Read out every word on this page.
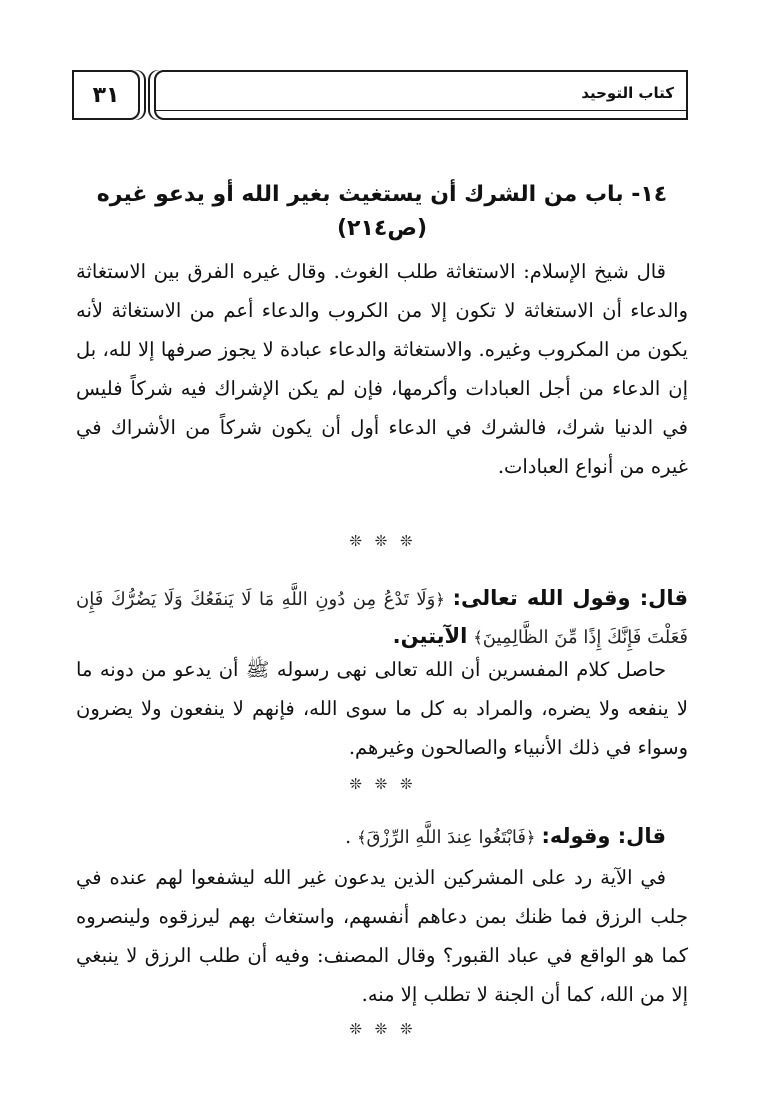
٣١	كتاب التوحيد
١٤- باب من الشرك أن يستغيث بغير الله أو يدعو غيره
(ص٢١٤)

قال شيخ الإسلام: الاستغاثة طلب الغوث. وقال غيره الفرق بين الاستغاثة والدعاء أن الاستغاثة لا تكون إلا من الكروب والدعاء أعم من الاستغاثة لأنه يكون من المكروب وغيره. والاستغاثة والدعاء عبادة لا يجوز صرفها إلا لله، بل إن الدعاء من أجل العبادات وأكرمها، فإن لم يكن الإشراك فيه شركاً فليس في الدنيا شرك، فالشرك في الدعاء أول أن يكون شركاً من الأشراك في غيره من أنواع العبادات.

❊ ❊ ❊

قال: وقول الله تعالى: ﴿وَلَا تَدْعُ مِن دُونِ اللَّهِ مَا لَا يَنفَعُكَ وَلَا يَضُرُّكَ فَإِن فَعَلْتَ فَإِنَّكَ إِذًا مِّنَ الظَّالِمِينَ﴾ الآيتين.

حاصل كلام المفسرين أن الله تعالى نهى رسوله ﷺ أن يدعو من دونه ما لا ينفعه ولا يضره، والمراد به كل ما سوى الله، فإنهم لا ينفعون ولا يضرون وسواء في ذلك الأنبياء والصالحون وغيرهم.

❊ ❊ ❊

قال: وقوله: ﴿فَابْتَغُوا عِندَ اللَّهِ الرِّزْقَ﴾ .

في الآية رد على المشركين الذين يدعون غير الله ليشفعوا لهم عنده في جلب الرزق فما ظنك بمن دعاهم أنفسهم، واستغاث بهم ليرزقوه ولينصروه كما هو الواقع في عباد القبور؟ وقال المصنف: وفيه أن طلب الرزق لا ينبغي إلا من الله، كما أن الجنة لا تطلب إلا منه.

❊ ❊ ❊
